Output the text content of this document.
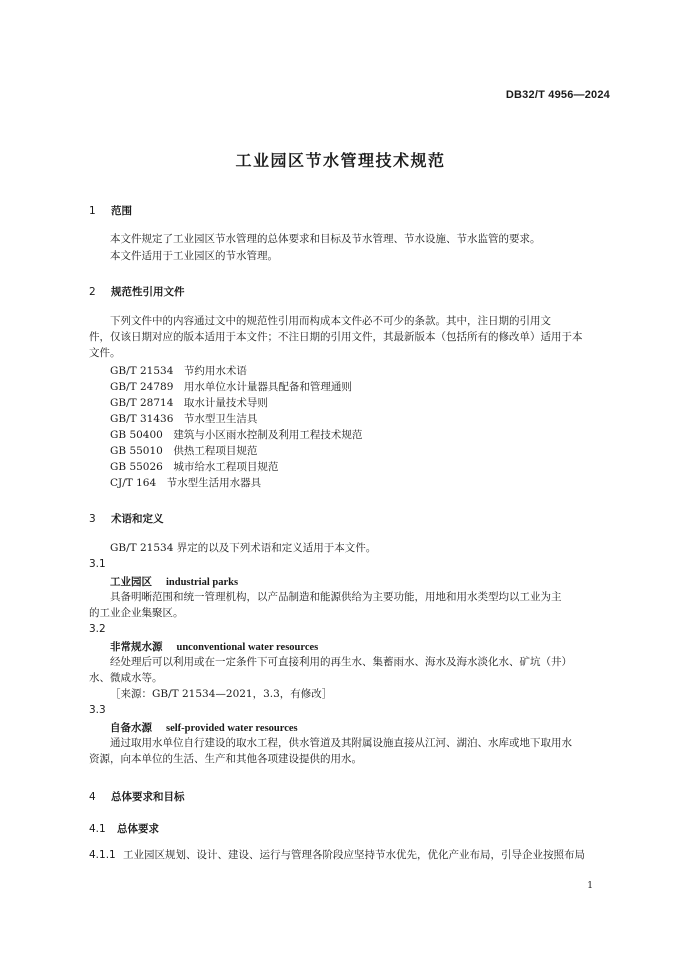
DB32/T 4956—2024
工业园区节水管理技术规范
1 范围
本文件规定了工业园区节水管理的总体要求和目标及节水管理、节水设施、节水监管的要求。
本文件适用于工业园区的节水管理。
2 规范性引用文件
下列文件中的内容通过文中的规范性引用而构成本文件必不可少的条款。其中，注日期的引用文
件，仅该日期对应的版本适用于本文件；不注日期的引用文件，其最新版本（包括所有的修改单）适用于本
文件。
GB/T 21534　 节约用水术语
GB/T 24789　 用水单位水计量器具配备和管理通则
GB/T 28714　 取水计量技术导则
GB/T 31436　 节水型卫生洁具
GB 50400　 建筑与小区雨水控制及利用工程技术规范
GB 55010　 供热工程项目规范
GB 55026　 城市给水工程项目规范
CJ/T 164　 节水型生活用水器具
3 术语和定义
GB/T 21534 界定的以及下列术语和定义适用于本文件。
3.1
工业园区 industrial parks
具备明晰范围和统一管理机构，以产品制造和能源供给为主要功能，用地和用水类型均以工业为主
的工业企业集聚区。
3.2
非常规水源 unconventional water resources
经处理后可以利用或在一定条件下可直接利用的再生水、集蓄雨水、海水及海水淡化水、矿坑（井）
水、微咸水等。
［来源：GB/T 21534—2021，3.3，有修改］
3.3
自备水源 self-provided water resources
通过取用水单位自行建设的取水工程，供水管道及其附属设施直接从江河、湖泊、水库或地下取用水
资源，向本单位的生活、生产和其他各项建设提供的用水。
4 总体要求和目标
4.1 总体要求
4.1.1 工业园区规划、设计、建设、运行与管理各阶段应坚持节水优先，优化产业布局，引导企业按照布局
1
